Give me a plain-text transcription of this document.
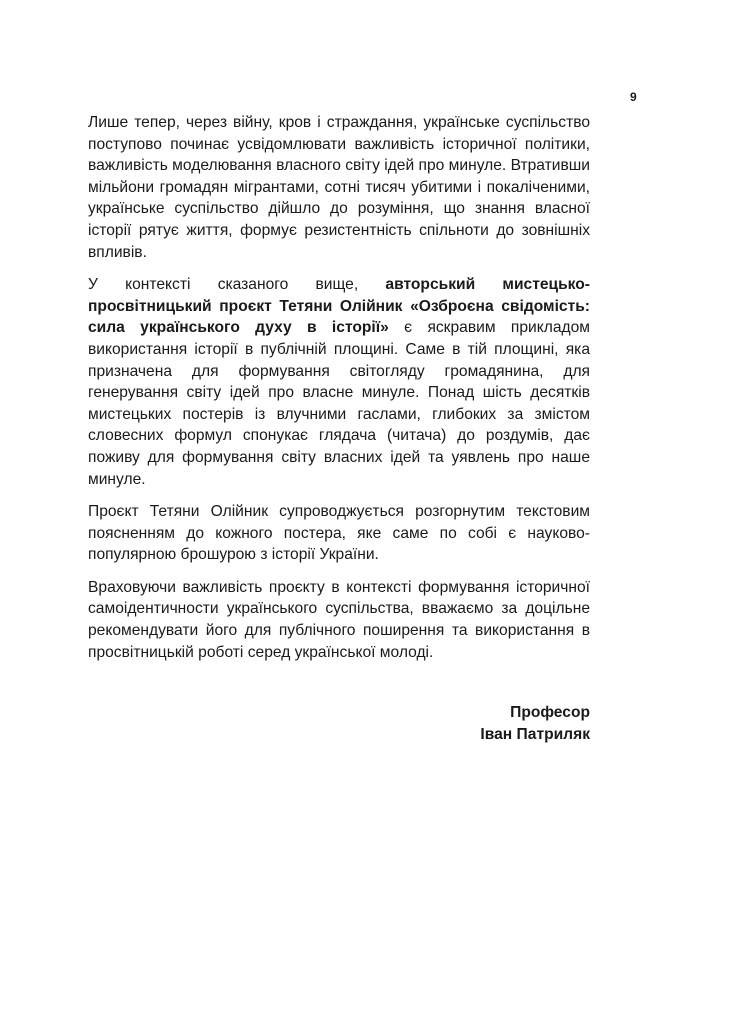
9

Лише тепер, через війну, кров і страждання, українське суспільство поступово починає усвідомлювати важливість історичної політики, важливість моделювання власного світу ідей про минуле. Втративши мільйони громадян мігрантами, сотні тисяч убитими і покаліченими, українське суспільство дійшло до розуміння, що знання власної історії рятує життя, формує резистентність спільноти до зовнішніх впливів.

У контексті сказаного вище, авторський мистецько-просвітницький проєкт Тетяни Олійник «Озброєна свідомість: сила українського духу в історії» є яскравим прикладом використання історії в публічній площині. Саме в тій площині, яка призначена для формування світогляду громадянина, для генерування світу ідей про власне минуле. Понад шість десятків мистецьких постерів із влучними гаслами, глибоких за змістом словесних формул спонукає глядача (читача) до роздумів, дає поживу для формування світу власних ідей та уявлень про наше минуле.

Проєкт Тетяни Олійник супроводжується розгорнутим текстовим поясненням до кожного постера, яке саме по собі є науково-популярною брошурою з історії України.

Враховуючи важливість проєкту в контексті формування історичної самоідентичности українського суспільства, вважаємо за доцільне рекомендувати його для публічного поширення та використання в просвітницькій роботі серед української молоді.

Професор
Іван Патриляк
